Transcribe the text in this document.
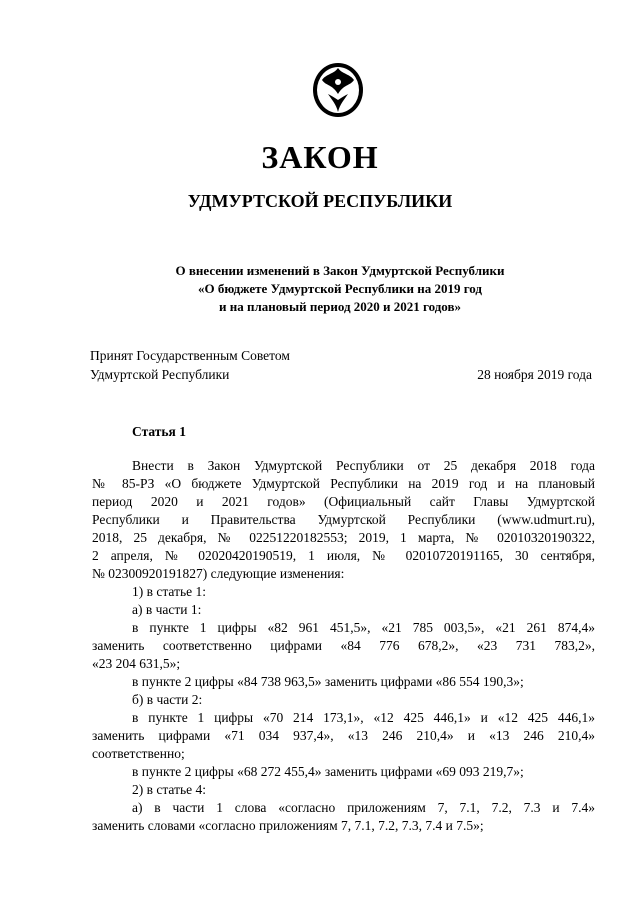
ЗАКОН
УДМУРТСКОЙ РЕСПУБЛИКИ
О внесении изменений в Закон Удмуртской Республики
«О бюджете Удмуртской Республики на 2019 год
и на плановый период 2020 и 2021 годов»
Принят Государственным Советом
Удмуртской Республики	28 ноября 2019 года
Статья 1
Внести в Закон Удмуртской Республики от 25 декабря 2018 года
№ 85-РЗ «О бюджете Удмуртской Республики на 2019 год и на плановый
период 2020 и 2021 годов» (Официальный сайт Главы Удмуртской
Республики и Правительства Удмуртской Республики (www.udmurt.ru),
2018, 25 декабря, № 02251220182553; 2019, 1 марта, № 02010320190322,
2 апреля, № 02020420190519, 1 июля, № 02010720191165, 30 сентября,
№ 02300920191827) следующие изменения:
1) в статье 1:
а) в части 1:
в пункте 1 цифры «82 961 451,5», «21 785 003,5», «21 261 874,4»
заменить соответственно цифрами «84 776 678,2», «23 731 783,2»,
«23 204 631,5»;
в пункте 2 цифры «84 738 963,5» заменить цифрами «86 554 190,3»;
б) в части 2:
в пункте 1 цифры «70 214 173,1», «12 425 446,1» и «12 425 446,1»
заменить цифрами «71 034 937,4», «13 246 210,4» и «13 246 210,4»
соответственно;
в пункте 2 цифры «68 272 455,4» заменить цифрами «69 093 219,7»;
2) в статье 4:
а) в части 1 слова «согласно приложениям 7, 7.1, 7.2, 7.3 и 7.4»
заменить словами «согласно приложениям 7, 7.1, 7.2, 7.3, 7.4 и 7.5»;
